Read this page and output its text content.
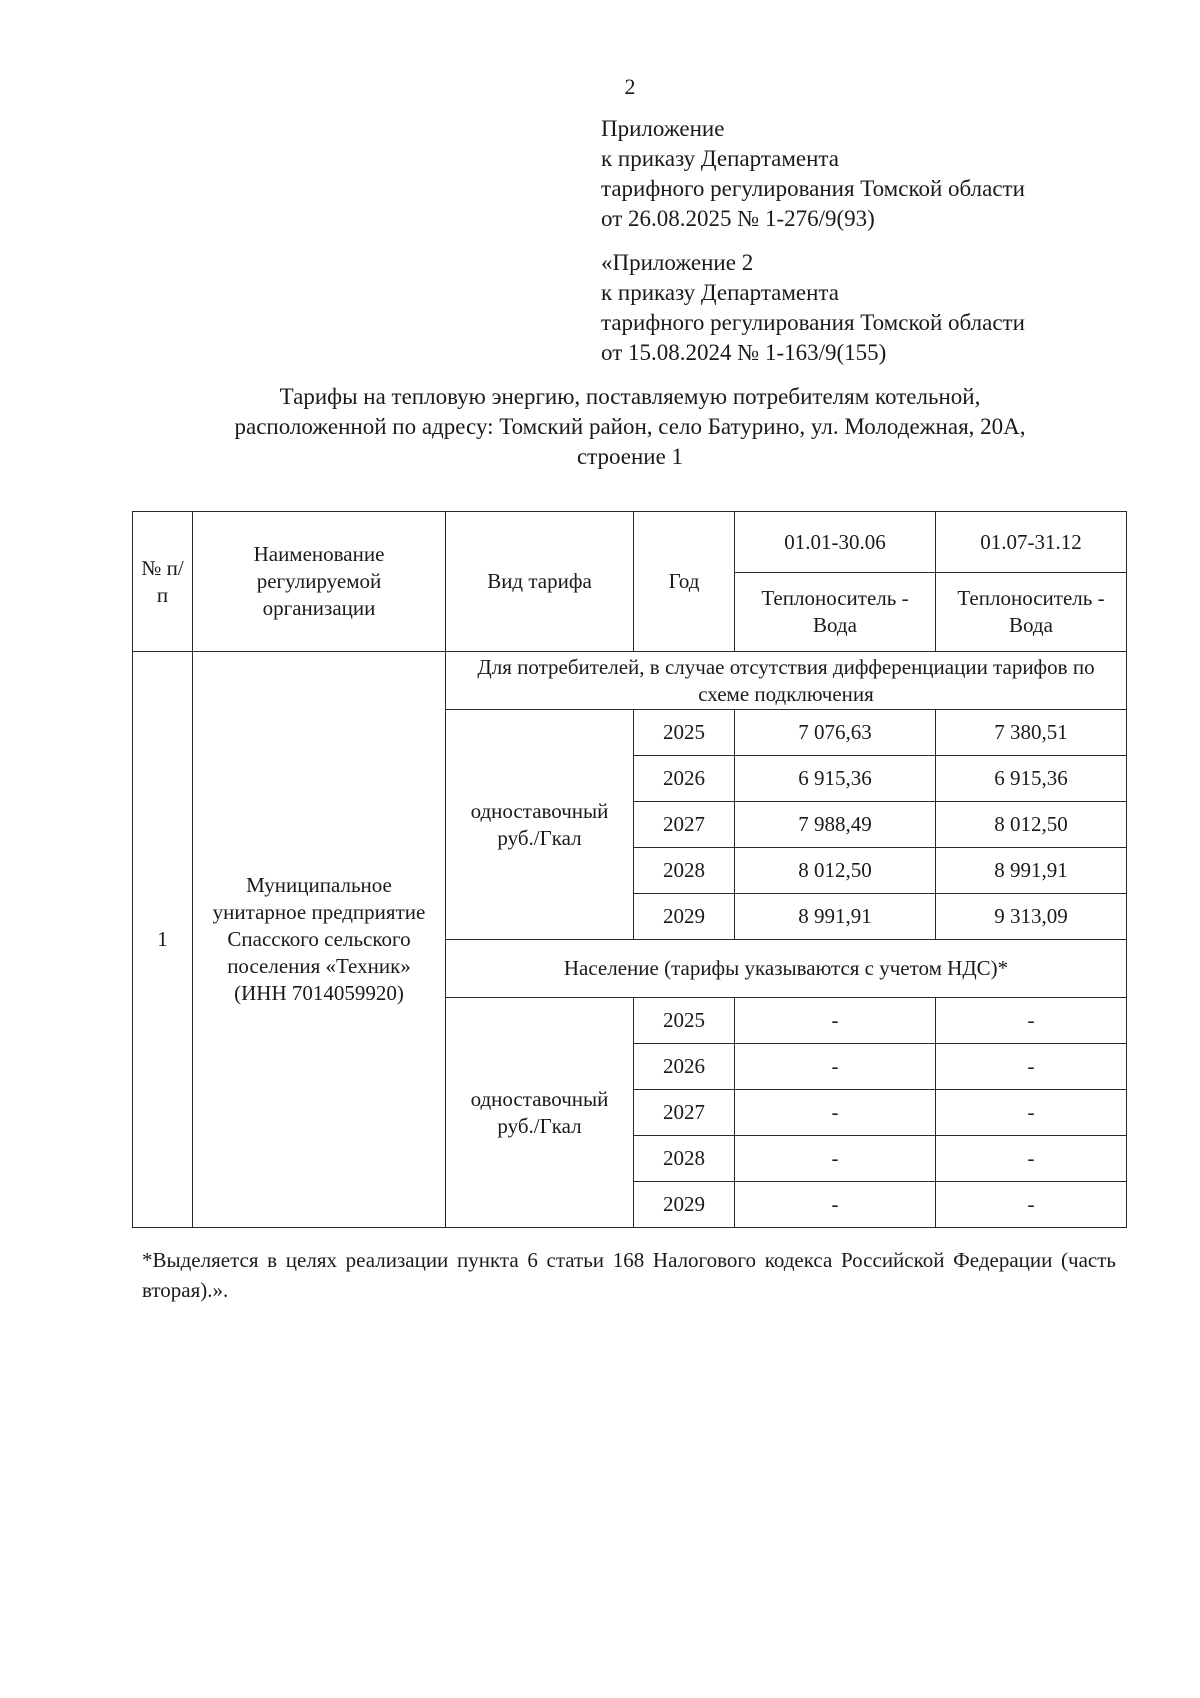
2
Приложение
к приказу Департамента
тарифного регулирования Томской области
от 26.08.2025 № 1-276/9(93)
«Приложение 2
к приказу Департамента
тарифного регулирования Томской области
от 15.08.2024 № 1-163/9(155)
Тарифы на тепловую энергию, поставляемую потребителям котельной,
расположенной по адресу: Томский район, село Батурино, ул. Молодежная, 20А,
строение 1
№ п/п	Наименование регулируемой организации	Вид тарифа	Год	01.01-30.06	01.07-31.12
				Теплоноситель - Вода	Теплоноситель - Вода
1	Муниципальное унитарное предприятие Спасского сельского поселения «Техник» (ИНН 7014059920)	Для потребителей, в случае отсутствия дифференциации тарифов по схеме подключения			
		одноставочный руб./Гкал	2025	7 076,63	7 380,51
			2026	6 915,36	6 915,36
			2027	7 988,49	8 012,50
			2028	8 012,50	8 991,91
			2029	8 991,91	9 313,09
		Население (тарифы указываются с учетом НДС)*			
		одноставочный руб./Гкал	2025	-	-
			2026	-	-
			2027	-	-
			2028	-	-
			2029	-	-
*Выделяется в целях реализации пункта 6 статьи 168 Налогового кодекса Российской Федерации (часть вторая).».
